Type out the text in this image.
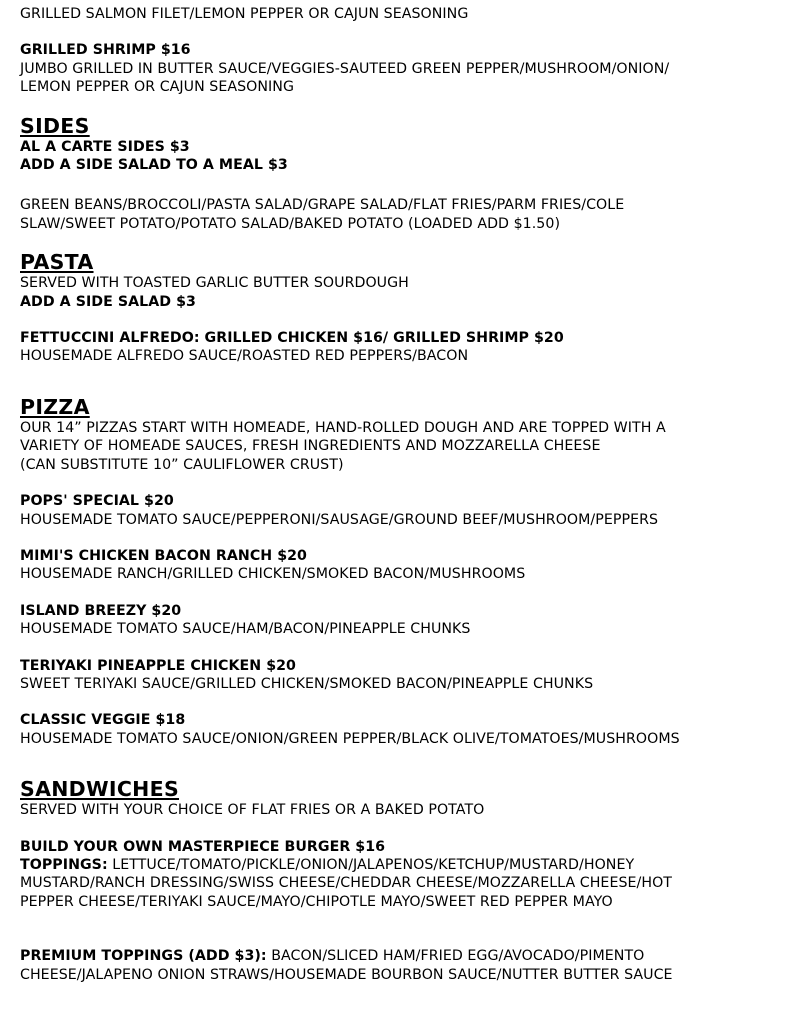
GRILLED SALMON FILET/LEMON PEPPER OR CAJUN SEASONING
GRILLED SHRIMP $16
JUMBO GRILLED IN BUTTER SAUCE/VEGGIES-SAUTEED GREEN PEPPER/MUSHROOM/ONION/
LEMON PEPPER OR CAJUN SEASONING
SIDES
AL A CARTE SIDES $3
ADD A SIDE SALAD TO A MEAL $3
GREEN BEANS/BROCCOLI/PASTA SALAD/GRAPE SALAD/FLAT FRIES/PARM FRIES/COLE
SLAW/SWEET POTATO/POTATO SALAD/BAKED POTATO (LOADED ADD $1.50)
PASTA
SERVED WITH TOASTED GARLIC BUTTER SOURDOUGH
ADD A SIDE SALAD $3
FETTUCCINI ALFREDO: GRILLED CHICKEN $16/ GRILLED SHRIMP $20
HOUSEMADE ALFREDO SAUCE/ROASTED RED PEPPERS/BACON
PIZZA
OUR 14” PIZZAS START WITH HOMEADE, HAND-ROLLED DOUGH AND ARE TOPPED WITH A
VARIETY OF HOMEADE SAUCES, FRESH INGREDIENTS AND MOZZARELLA CHEESE
(CAN SUBSTITUTE 10” CAULIFLOWER CRUST)
POPS' SPECIAL $20
HOUSEMADE TOMATO SAUCE/PEPPERONI/SAUSAGE/GROUND BEEF/MUSHROOM/PEPPERS
MIMI'S CHICKEN BACON RANCH $20
HOUSEMADE RANCH/GRILLED CHICKEN/SMOKED BACON/MUSHROOMS
ISLAND BREEZY $20
HOUSEMADE TOMATO SAUCE/HAM/BACON/PINEAPPLE CHUNKS
TERIYAKI PINEAPPLE CHICKEN $20
SWEET TERIYAKI SAUCE/GRILLED CHICKEN/SMOKED BACON/PINEAPPLE CHUNKS
CLASSIC VEGGIE $18
HOUSEMADE TOMATO SAUCE/ONION/GREEN PEPPER/BLACK OLIVE/TOMATOES/MUSHROOMS
SANDWICHES
SERVED WITH YOUR CHOICE OF FLAT FRIES OR A BAKED POTATO
BUILD YOUR OWN MASTERPIECE BURGER $16
TOPPINGS: LETTUCE/TOMATO/PICKLE/ONION/JALAPENOS/KETCHUP/MUSTARD/HONEY
MUSTARD/RANCH DRESSING/SWISS CHEESE/CHEDDAR CHEESE/MOZZARELLA CHEESE/HOT
PEPPER CHEESE/TERIYAKI SAUCE/MAYO/CHIPOTLE MAYO/SWEET RED PEPPER MAYO
PREMIUM TOPPINGS (ADD $3): BACON/SLICED HAM/FRIED EGG/AVOCADO/PIMENTO
CHEESE/JALAPENO ONION STRAWS/HOUSEMADE BOURBON SAUCE/NUTTER BUTTER SAUCE
